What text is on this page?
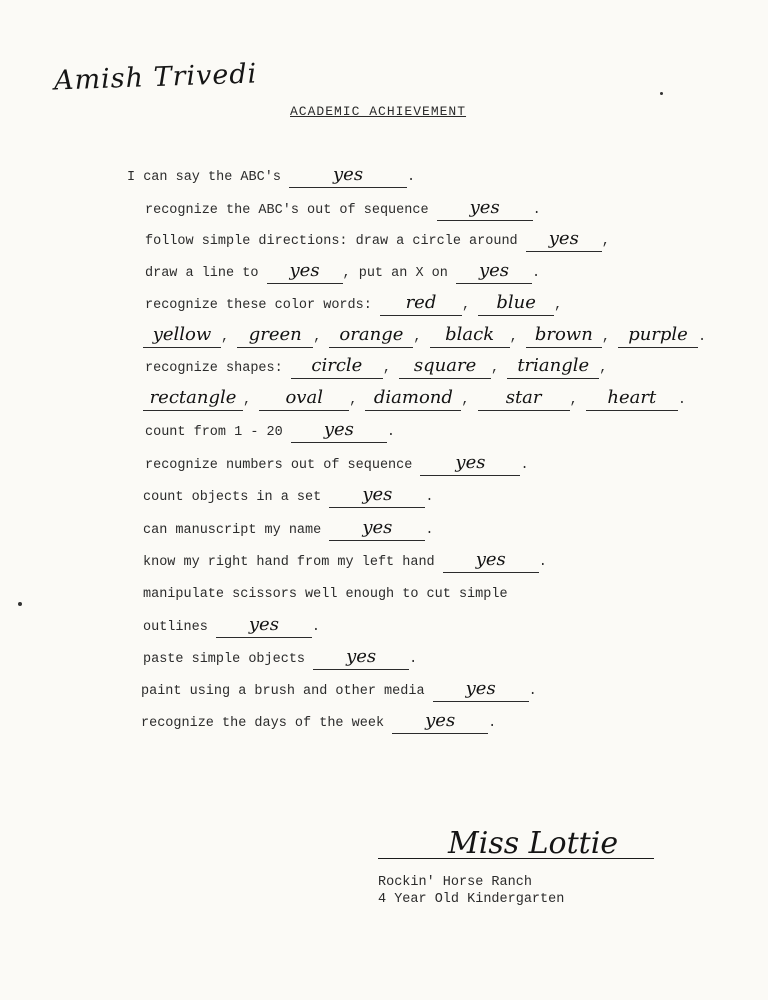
Amish Trivedi
ACADEMIC ACHIEVEMENT
I can say the ABC's	yes	.
recognize the ABC's out of sequence	yes	.
follow simple directions: draw a circle around	yes	,
draw a line to	yes	, put an X on	yes	.
recognize these color words:	red	,	blue	,
yellow , green , orange , black	, brown , purple .
recognize shapes:	circle	, square	, triangle ,
rectangle ,	oval	, diamond ,	star	,	heart	.
count from 1 - 20	yes	.
recognize numbers out of sequence	yes	.
count objects in a set	yes	.
can manuscript my name	yes	.
know my right hand from my left hand	yes	.
manipulate scissors well enough to cut simple
outlines	yes	.
paste simple objects	yes	.
paint using a brush and other media	yes	.
recognize the days of the week	yes	.
Miss Lottie
Rockin' Horse Ranch
4 Year Old Kindergarten
